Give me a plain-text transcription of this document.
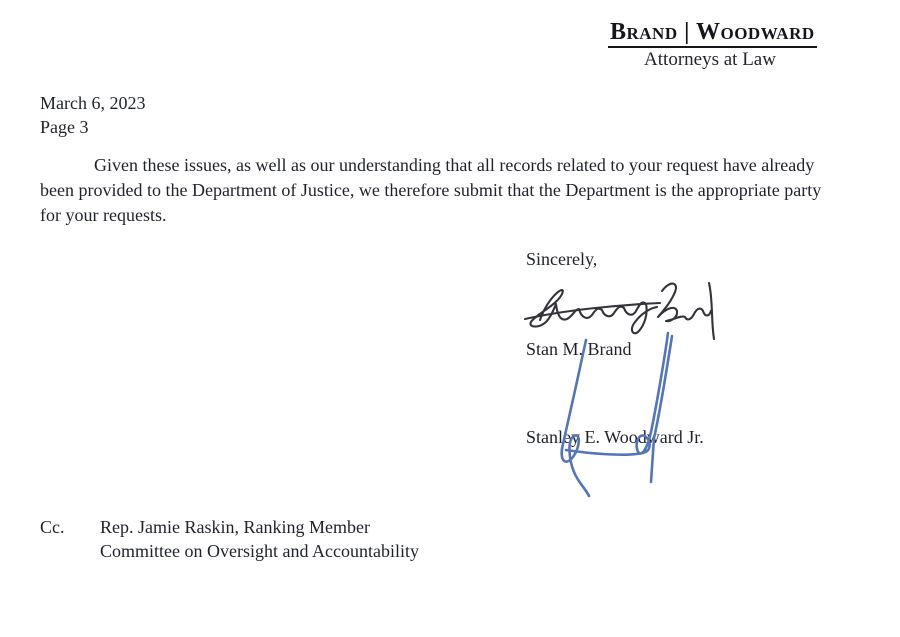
Brand | Woodward
Attorneys at Law
March 6, 2023
Page 3

Given these issues, as well as our understanding that all records related to your request have already been provided to the Department of Justice, we therefore submit that the Department is the appropriate party for your requests.

Sincerely,
Stan M. Brand
Stanley E. Woodward Jr.
Cc.	Rep. Jamie Raskin, Ranking Member
Committee on Oversight and Accountability
